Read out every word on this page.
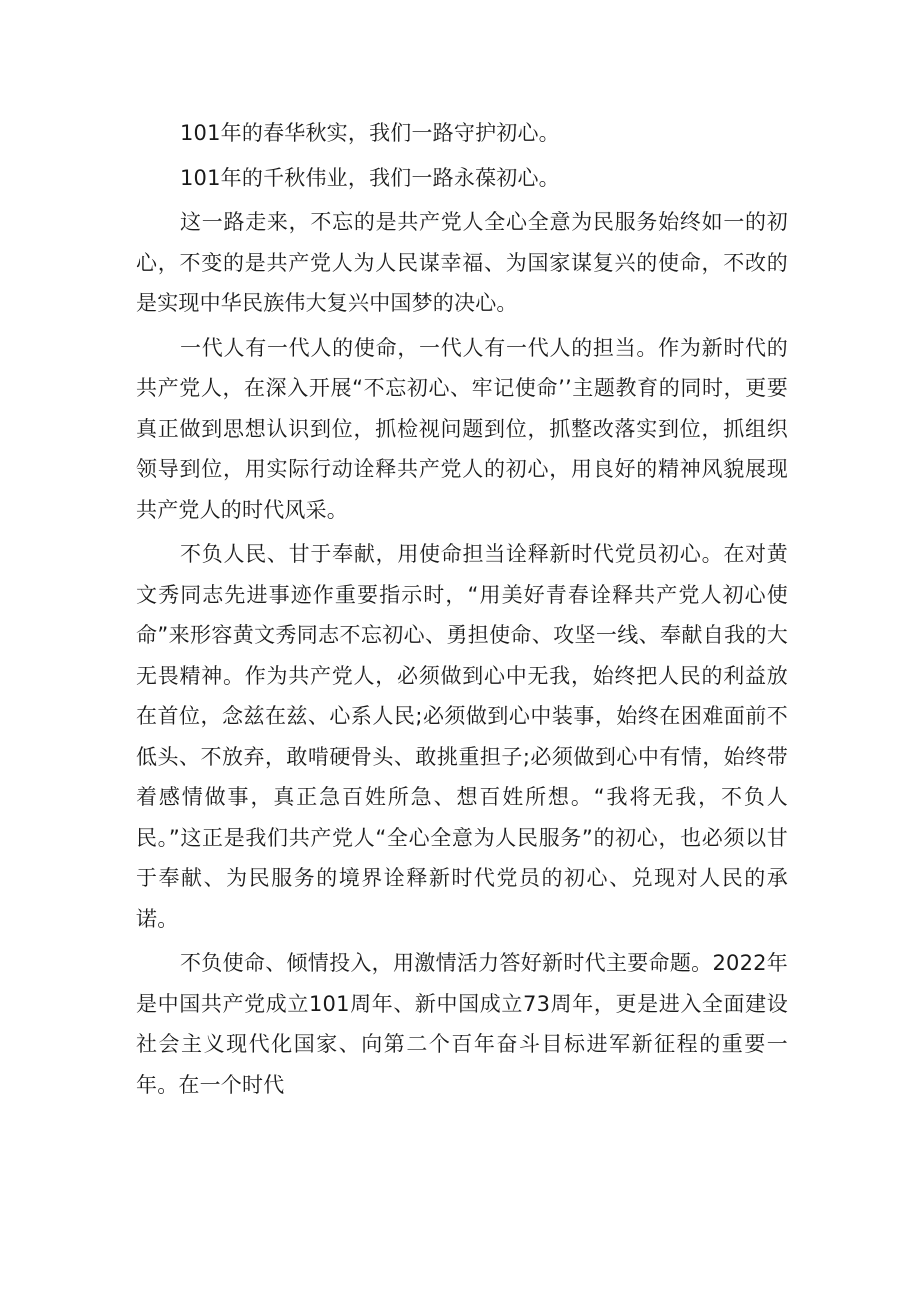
101年的春华秋实，我们一路守护初心。

101年的千秋伟业，我们一路永葆初心。

这一路走来，不忘的是共产党人全心全意为民服务始终如一的初心，不变的是共产党人为人民谋幸福、为国家谋复兴的使命，不改的是实现中华民族伟大复兴中国梦的决心。

一代人有一代人的使命，一代人有一代人的担当。作为新时代的共产党人，在深入开展“不忘初心、牢记使命’’主题教育的同时，更要真正做到思想认识到位，抓检视问题到位，抓整改落实到位，抓组织领导到位，用实际行动诠释共产党人的初心，用良好的精神风貌展现共产党人的时代风采。

不负人民、甘于奉献，用使命担当诠释新时代党员初心。在对黄文秀同志先进事迹作重要指示时，“用美好青春诠释共产党人初心使命”来形容黄文秀同志不忘初心、勇担使命、攻坚一线、奉献自我的大无畏精神。作为共产党人，必须做到心中无我，始终把人民的利益放在首位，念兹在兹、心系人民;必须做到心中装事，始终在困难面前不低头、不放弃，敢啃硬骨头、敢挑重担子;必须做到心中有情，始终带着感情做事，真正急百姓所急、想百姓所想。“我将无我，不负人民。”这正是我们共产党人“全心全意为人民服务”的初心，也必须以甘于奉献、为民服务的境界诠释新时代党员的初心、兑现对人民的承诺。

不负使命、倾情投入，用激情活力答好新时代主要命题。2022年是中国共产党成立101周年、新中国成立73周年，更是进入全面建设社会主义现代化国家、向第二个百年奋斗目标进军新征程的重要一年。在一个时代
